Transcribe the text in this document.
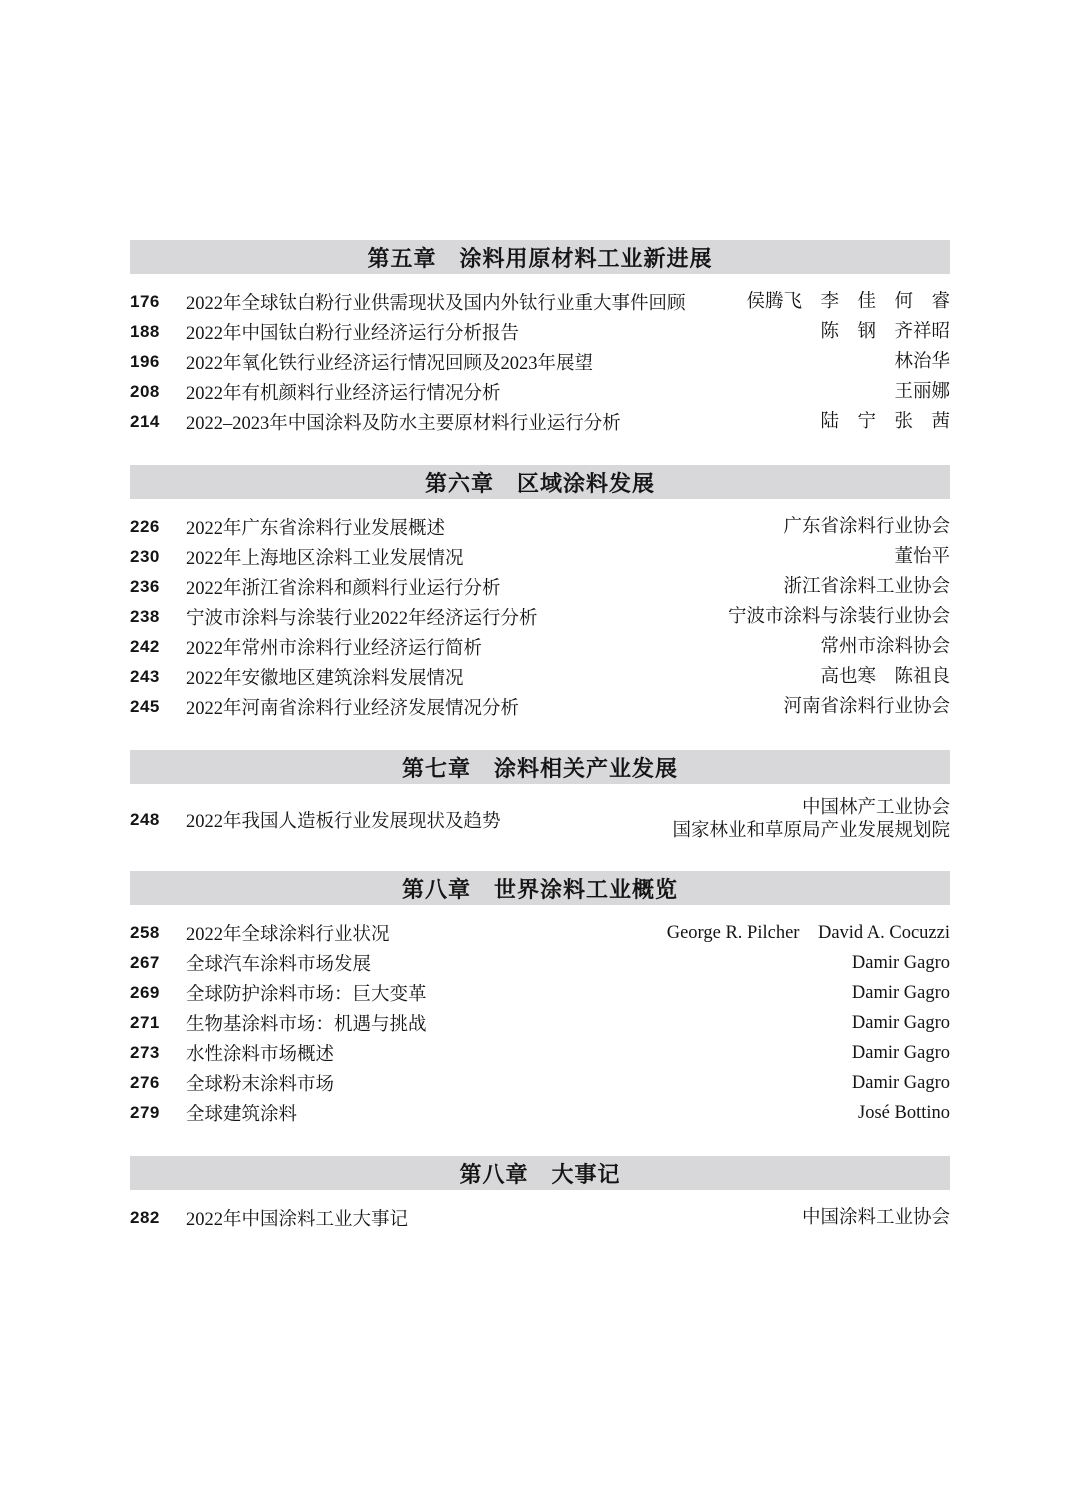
第五章　涂料用原材料工业新进展
176	2022年全球钛白粉行业供需现状及国内外钛行业重大事件回顾	侯腾飞　李　佳　何　睿
188	2022年中国钛白粉行业经济运行分析报告	陈　钢　齐祥昭
196	2022年氧化铁行业经济运行情况回顾及2023年展望	林治华
208	2022年有机颜料行业经济运行情况分析	王丽娜
214	2022–2023年中国涂料及防水主要原材料行业运行分析	陆　宁　张　茜
第六章　区域涂料发展
226	2022年广东省涂料行业发展概述	广东省涂料行业协会
230	2022年上海地区涂料工业发展情况	董怡平
236	2022年浙江省涂料和颜料行业运行分析	浙江省涂料工业协会
238	宁波市涂料与涂装行业2022年经济运行分析	宁波市涂料与涂装行业协会
242	2022年常州市涂料行业经济运行简析	常州市涂料协会
243	2022年安徽地区建筑涂料发展情况	高也寒　陈祖良
245	2022年河南省涂料行业经济发展情况分析	河南省涂料行业协会
第七章　涂料相关产业发展
248	2022年我国人造板行业发展现状及趋势
中国林产工业协会
国家林业和草原局产业发展规划院
第八章　世界涂料工业概览
258	2022年全球涂料行业状况	George R. Pilcher　David A. Cocuzzi
267	全球汽车涂料市场发展	Damir Gagro
269	全球防护涂料市场：巨大变革	Damir Gagro
271	生物基涂料市场：机遇与挑战	Damir Gagro
273	水性涂料市场概述	Damir Gagro
276	全球粉末涂料市场	Damir Gagro
279	全球建筑涂料	José Bottino
第八章　大事记
282	2022年中国涂料工业大事记	中国涂料工业协会
